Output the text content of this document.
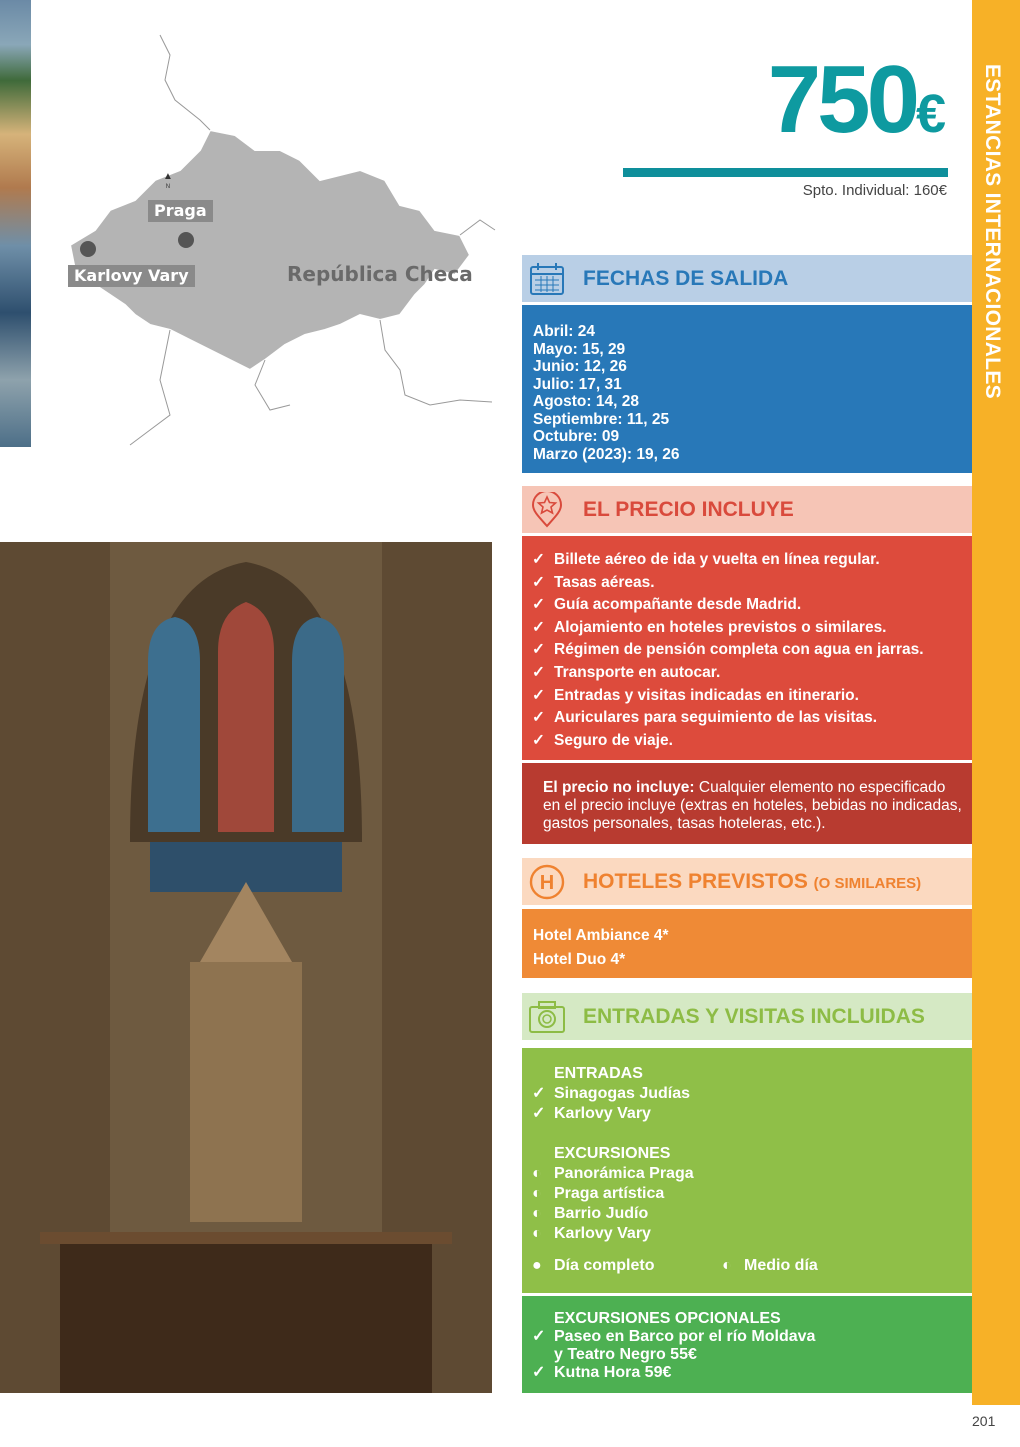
▲
N
Praga
Karlovy Vary	República Checa
750€
Spto. Individual: 160€ ESTANCIAS INTERNACIONALES
201
FECHAS DE SALIDA
Abril: 24
Mayo: 15, 29
Junio: 12, 26
Julio: 17, 31
Agosto: 14, 28
Septiembre: 11, 25
Octubre: 09
Marzo (2023): 19, 26
EL PRECIO INCLUYE
✓ Billete aéreo de ida y vuelta en línea regular.
✓ Tasas aéreas.
✓ Guía acompañante desde Madrid.
✓ Alojamiento en hoteles previstos o similares.
✓ Régimen de pensión completa con agua en jarras.
✓ Transporte en autocar.
✓ Entradas y visitas indicadas en itinerario.
✓ Auriculares para seguimiento de las visitas.
✓ Seguro de viaje.
El precio no incluye: Cualquier elemento no especificado en el precio incluye (extras en hoteles, bebidas no indicadas, gastos personales, tasas hoteleras, etc.).
H HOTELES PREVISTOS (O SIMILARES)
Hotel Ambiance 4*
Hotel Duo 4*
ENTRADAS Y VISITAS INCLUIDAS
ENTRADAS
✓ Sinagogas Judías
✓ Karlovy Vary
EXCURSIONES
◐ Panorámica Praga
◐ Praga artística
◐ Barrio Judío
◐ Karlovy Vary
● Día completo	◐ Medio día
EXCURSIONES OPCIONALES
✓ Paseo en Barco por el río Moldava
y Teatro Negro 55€
✓ Kutna Hora 59€
